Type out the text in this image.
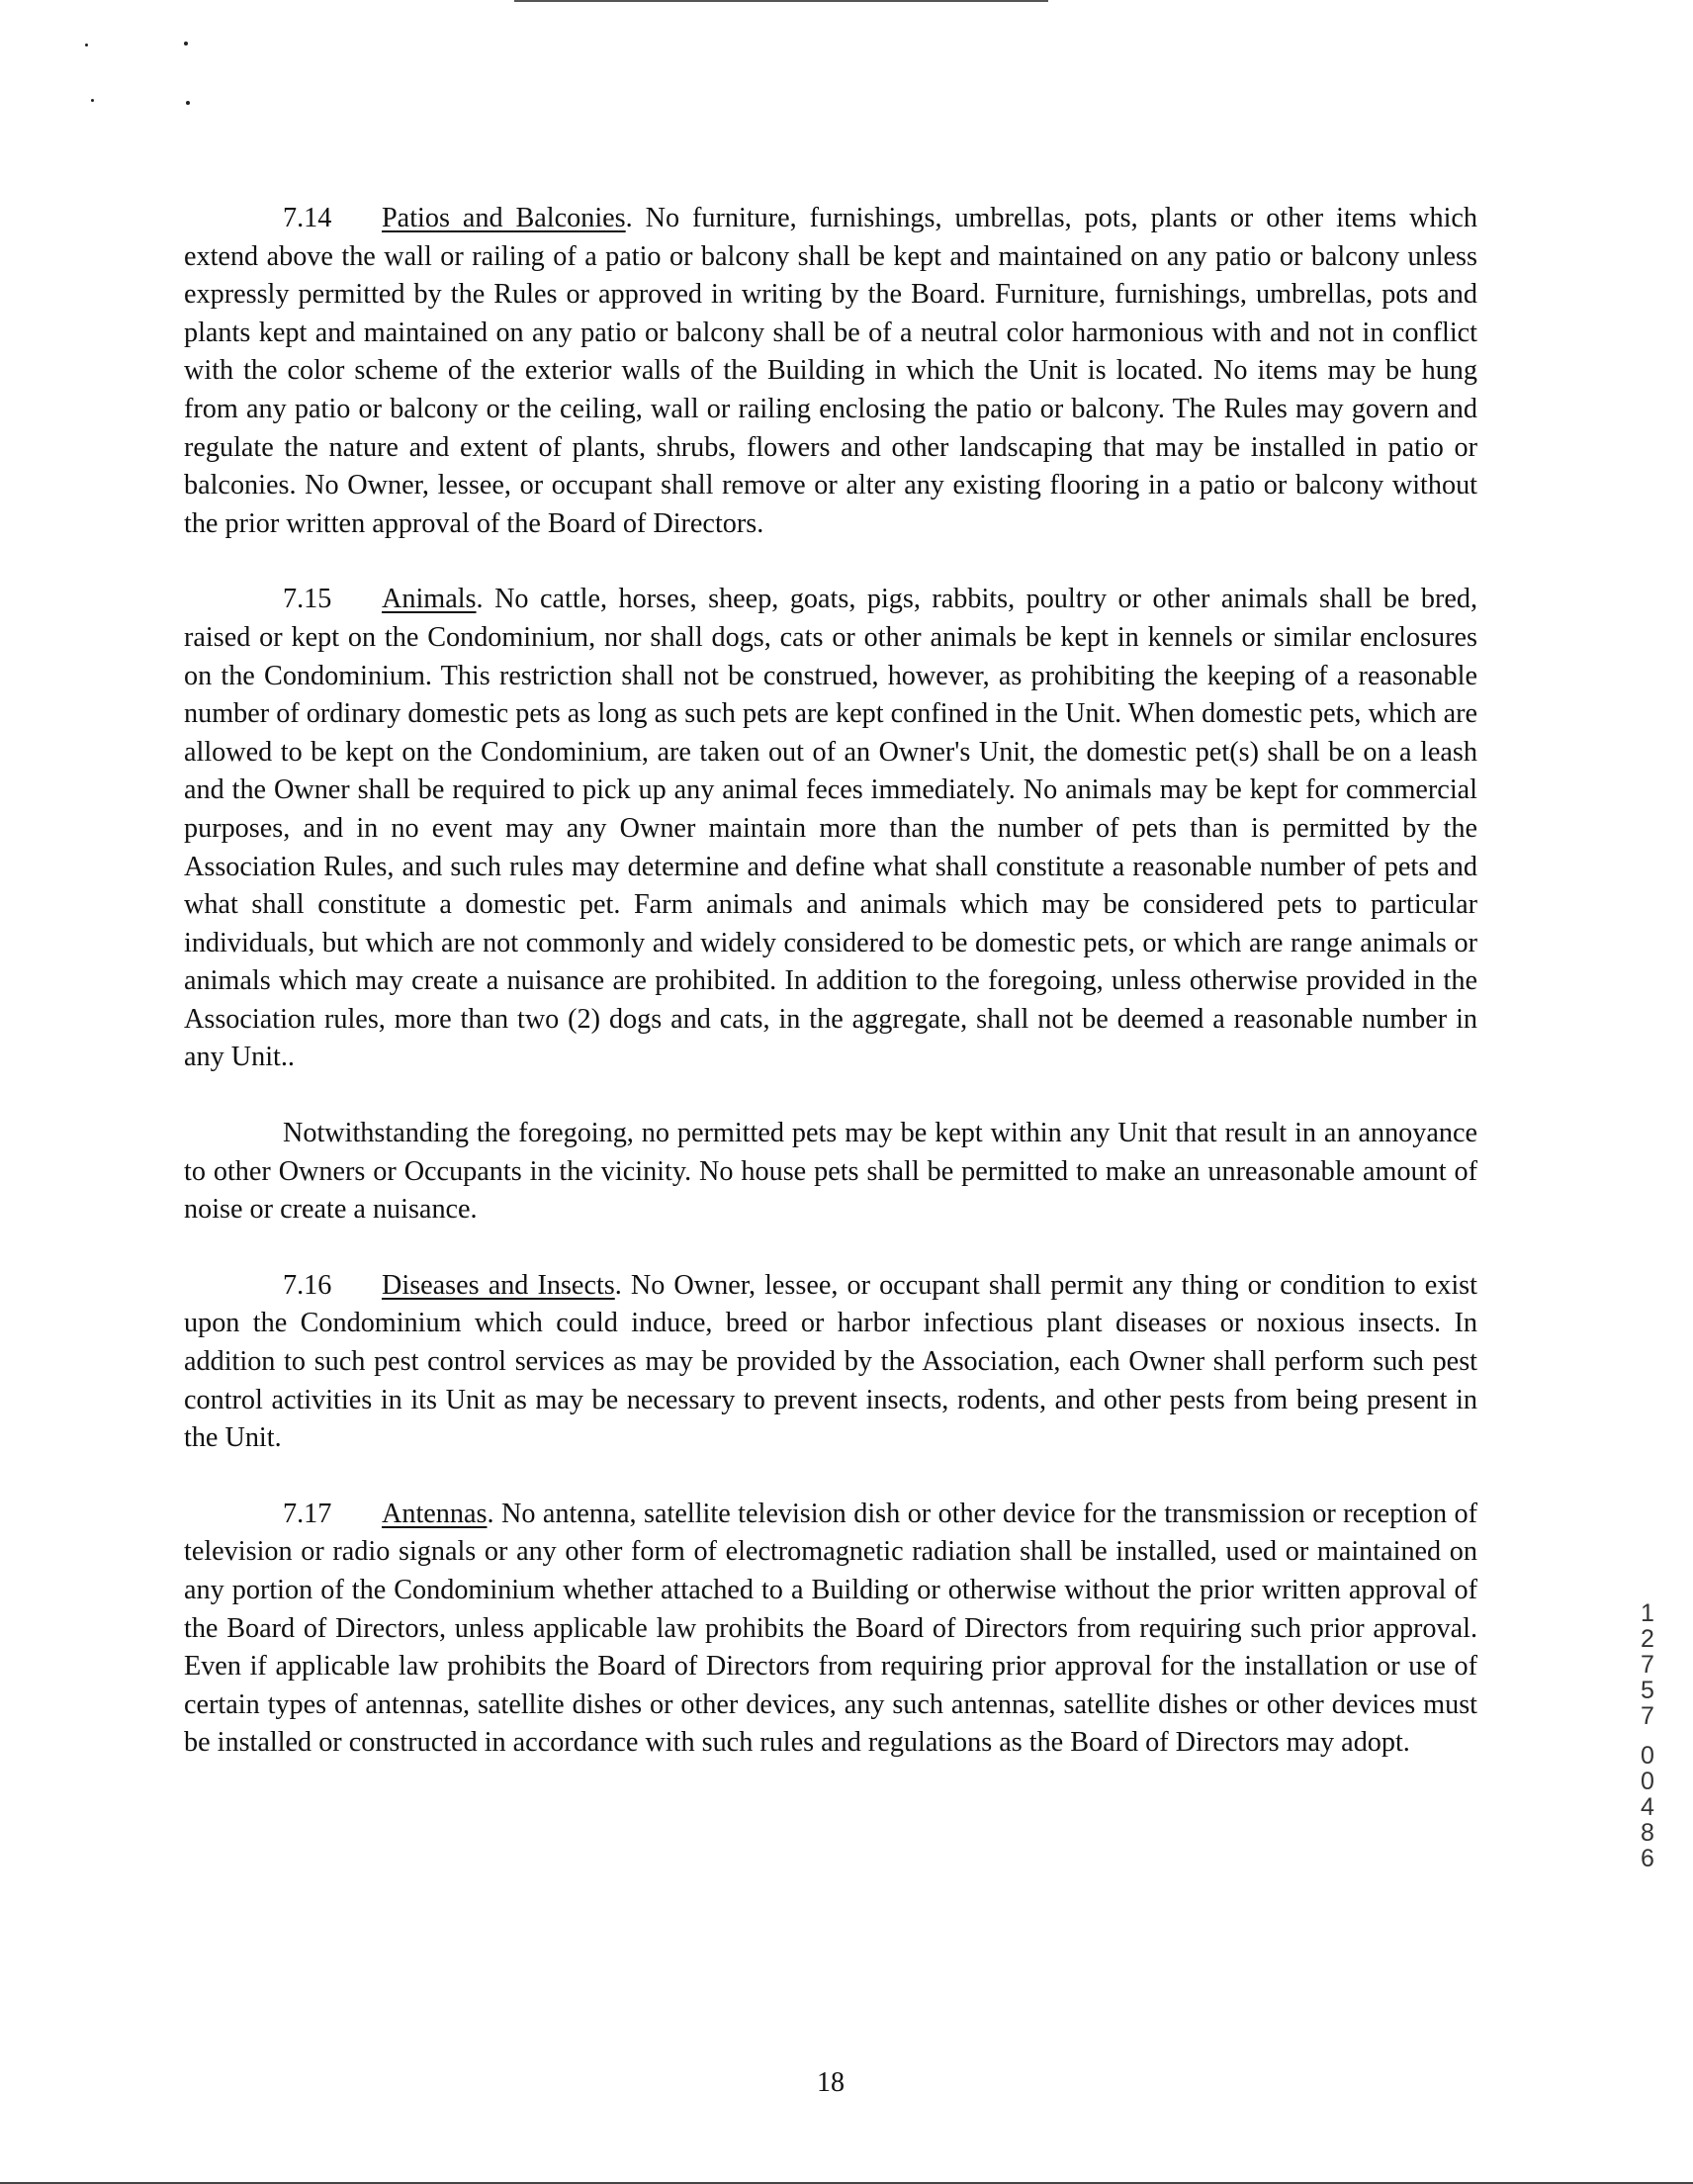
7.14 Patios and Balconies. No furniture, furnishings, umbrellas, pots, plants or other items which extend above the wall or railing of a patio or balcony shall be kept and maintained on any patio or balcony unless expressly permitted by the Rules or approved in writing by the Board. Furniture, furnishings, umbrellas, pots and plants kept and maintained on any patio or balcony shall be of a neutral color harmonious with and not in conflict with the color scheme of the exterior walls of the Building in which the Unit is located. No items may be hung from any patio or balcony or the ceiling, wall or railing enclosing the patio or balcony. The Rules may govern and regulate the nature and extent of plants, shrubs, flowers and other landscaping that may be installed in patio or balconies. No Owner, lessee, or occupant shall remove or alter any existing flooring in a patio or balcony without the prior written approval of the Board of Directors.

7.15 Animals. No cattle, horses, sheep, goats, pigs, rabbits, poultry or other animals shall be bred, raised or kept on the Condominium, nor shall dogs, cats or other animals be kept in kennels or similar enclosures on the Condominium. This restriction shall not be construed, however, as prohibiting the keeping of a reasonable number of ordinary domestic pets as long as such pets are kept confined in the Unit. When domestic pets, which are allowed to be kept on the Condominium, are taken out of an Owner's Unit, the domestic pet(s) shall be on a leash and the Owner shall be required to pick up any animal feces immediately. No animals may be kept for commercial purposes, and in no event may any Owner maintain more than the number of pets than is permitted by the Association Rules, and such rules may determine and define what shall constitute a reasonable number of pets and what shall constitute a domestic pet. Farm animals and animals which may be considered pets to particular individuals, but which are not commonly and widely considered to be domestic pets, or which are range animals or animals which may create a nuisance are prohibited. In addition to the foregoing, unless otherwise provided in the Association rules, more than two (2) dogs and cats, in the aggregate, shall not be deemed a reasonable number in any Unit..

Notwithstanding the foregoing, no permitted pets may be kept within any Unit that result in an annoyance to other Owners or Occupants in the vicinity. No house pets shall be permitted to make an unreasonable amount of noise or create a nuisance.

7.16 Diseases and Insects. No Owner, lessee, or occupant shall permit any thing or condition to exist upon the Condominium which could induce, breed or harbor infectious plant diseases or noxious insects. In addition to such pest control services as may be provided by the Association, each Owner shall perform such pest control activities in its Unit as may be necessary to prevent insects, rodents, and other pests from being present in the Unit.

7.17 Antennas. No antenna, satellite television dish or other device for the transmission or reception of television or radio signals or any other form of electromagnetic radiation shall be installed, used or maintained on any portion of the Condominium whether attached to a Building or otherwise without the prior written approval of the Board of Directors, unless applicable law prohibits the Board of Directors from requiring such prior approval. Even if applicable law prohibits the Board of Directors from requiring prior approval for the installation or use of certain types of antennas, satellite dishes or other devices, any such antennas, satellite dishes or other devices must be installed or constructed in accordance with such rules and regulations as the Board of Directors may adopt.

1
2
7
5
7
0
0
4
8
6
18
